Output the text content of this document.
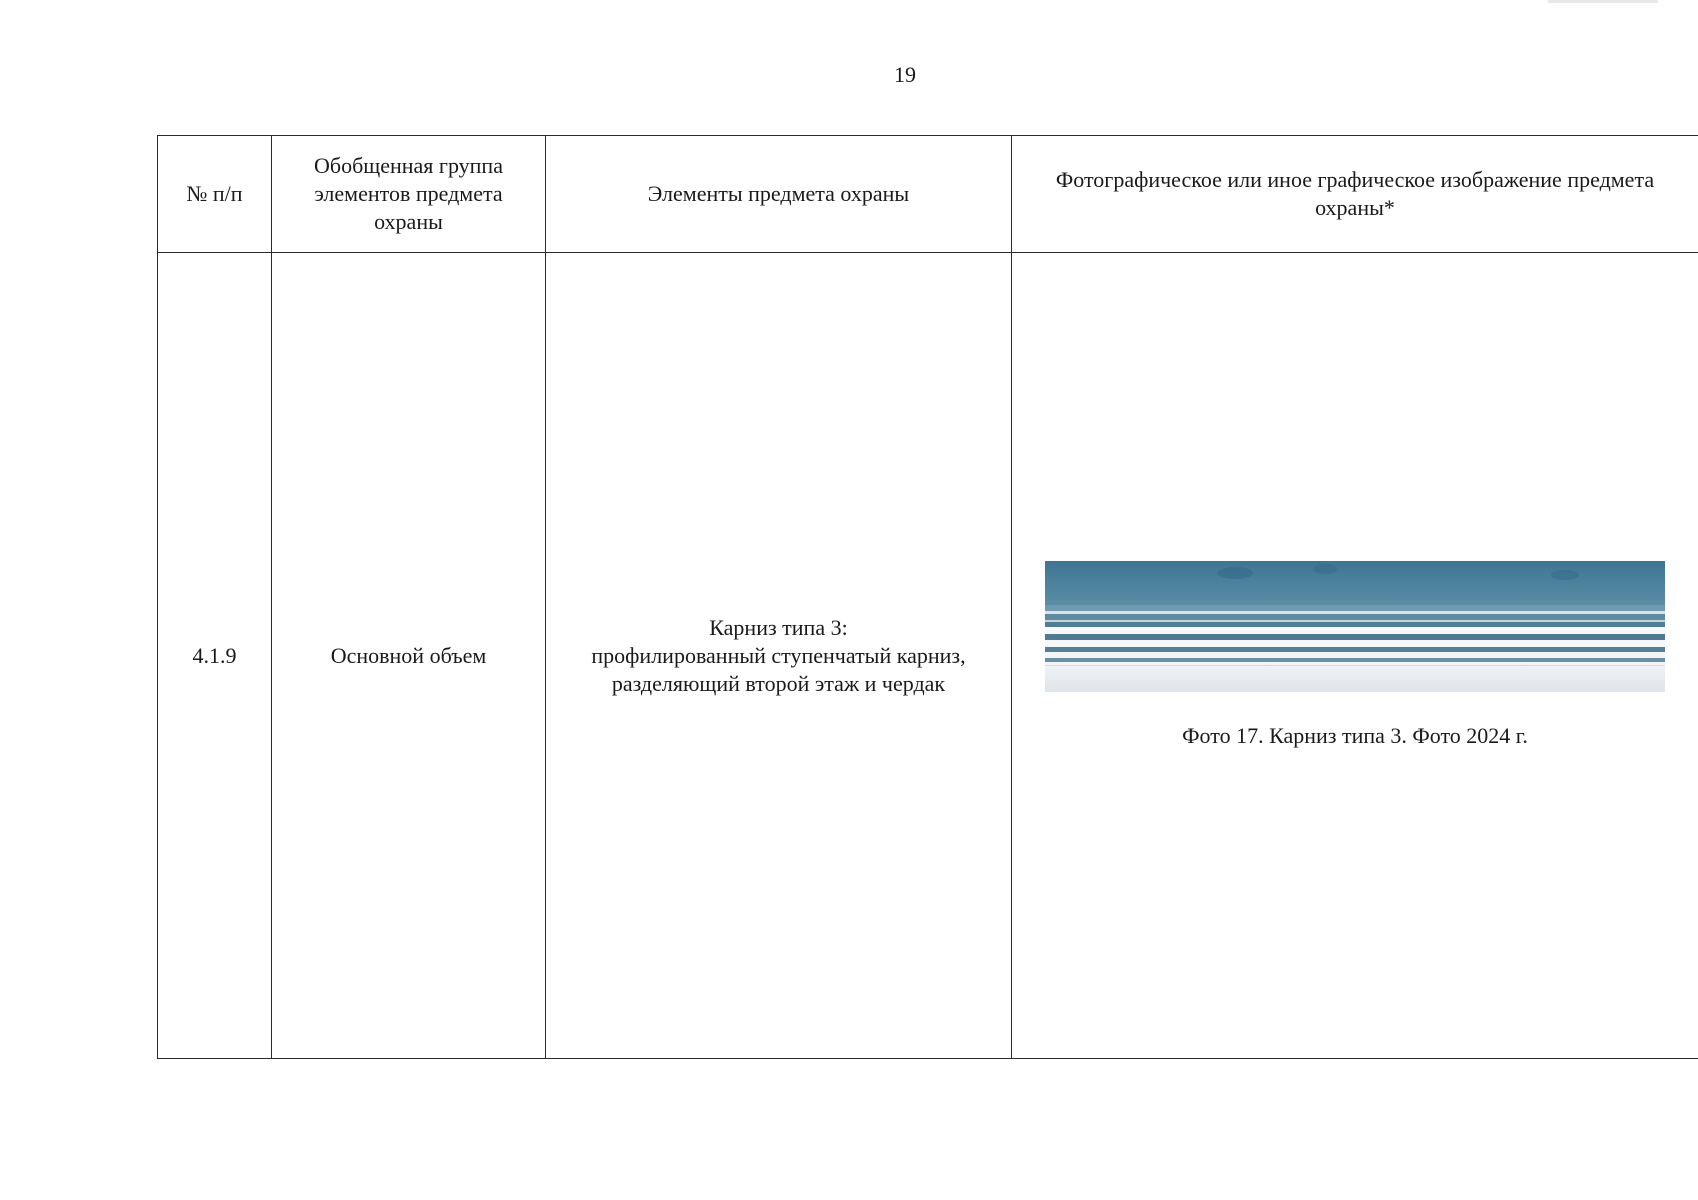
19
№ п/п	Обобщенная группа элементов предмета охраны	Элементы предмета охраны	Фотографическое или иное графическое изображение предмета охраны*
4.1.9	Основной объем	Карниз типа 3:
профилированный ступенчатый карниз,
разделяющий второй этаж и чердак	Фото 17. Карниз типа 3. Фото 2024 г.
